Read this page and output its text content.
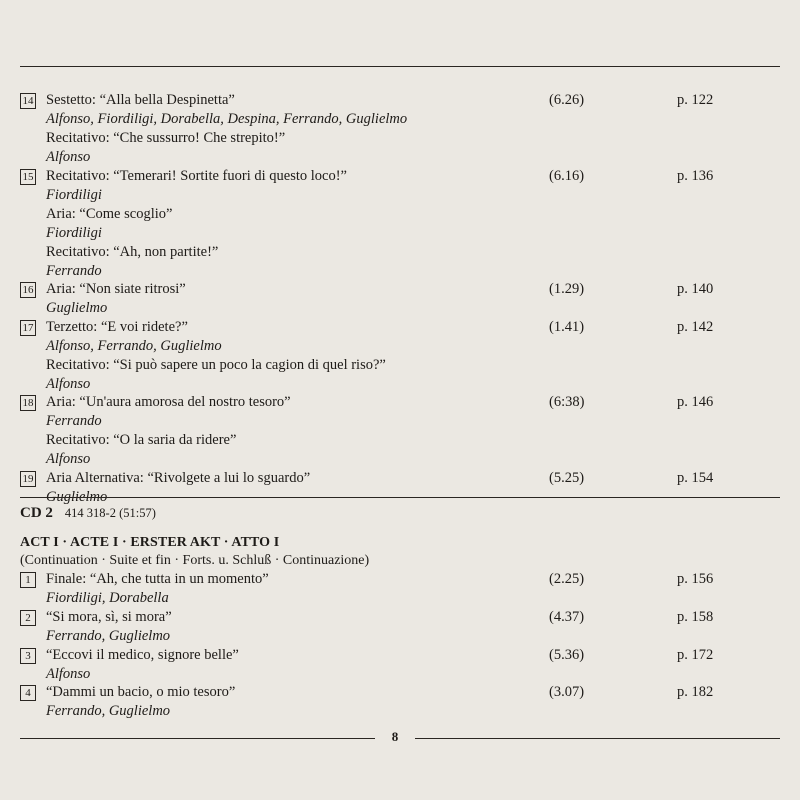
14 Sestetto: “Alla bella Despinetta”	(6.26)	p. 122
Alfonso, Fiordiligi, Dorabella, Despina, Ferrando, Guglielmo
Recitativo: “Che sussurro! Che strepito!”
Alfonso
15 Recitativo: “Temerari! Sortite fuori di questo loco!”	(6.16)	p. 136
Fiordiligi
Aria: “Come scoglio”
Fiordiligi
Recitativo: “Ah, non partite!”
Ferrando
16 Aria: “Non siate ritrosi”	(1.29)	p. 140
Guglielmo
17 Terzetto: “E voi ridete?”	(1.41)	p. 142
Alfonso, Ferrando, Guglielmo
Recitativo: “Si può sapere un poco la cagion di quel riso?”
Alfonso
18 Aria: “Un'aura amorosa del nostro tesoro”	(6:38)	p. 146
Ferrando
Recitativo: “O la saria da ridere”
Alfonso
19 Aria Alternativa: “Rivolgete a lui lo sguardo”	(5.25)	p. 154
Guglielmo
CD 2 414 318-2 (51:57)
ACT I · ACTE I · ERSTER AKT · ATTO I
(Continuation · Suite et fin · Forts. u. Schluß · Continuazione)
1	Finale: “Ah, che tutta in un momento”	(2.25)	p. 156
Fiordiligi, Dorabella
2	“Si mora, sì, si mora”	(4.37)	p. 158
Ferrando, Guglielmo
3	“Eccovi il medico, signore belle”	(5.36)	p. 172
Alfonso
4	“Dammi un bacio, o mio tesoro”	(3.07)	p. 182
Ferrando, Guglielmo
8
